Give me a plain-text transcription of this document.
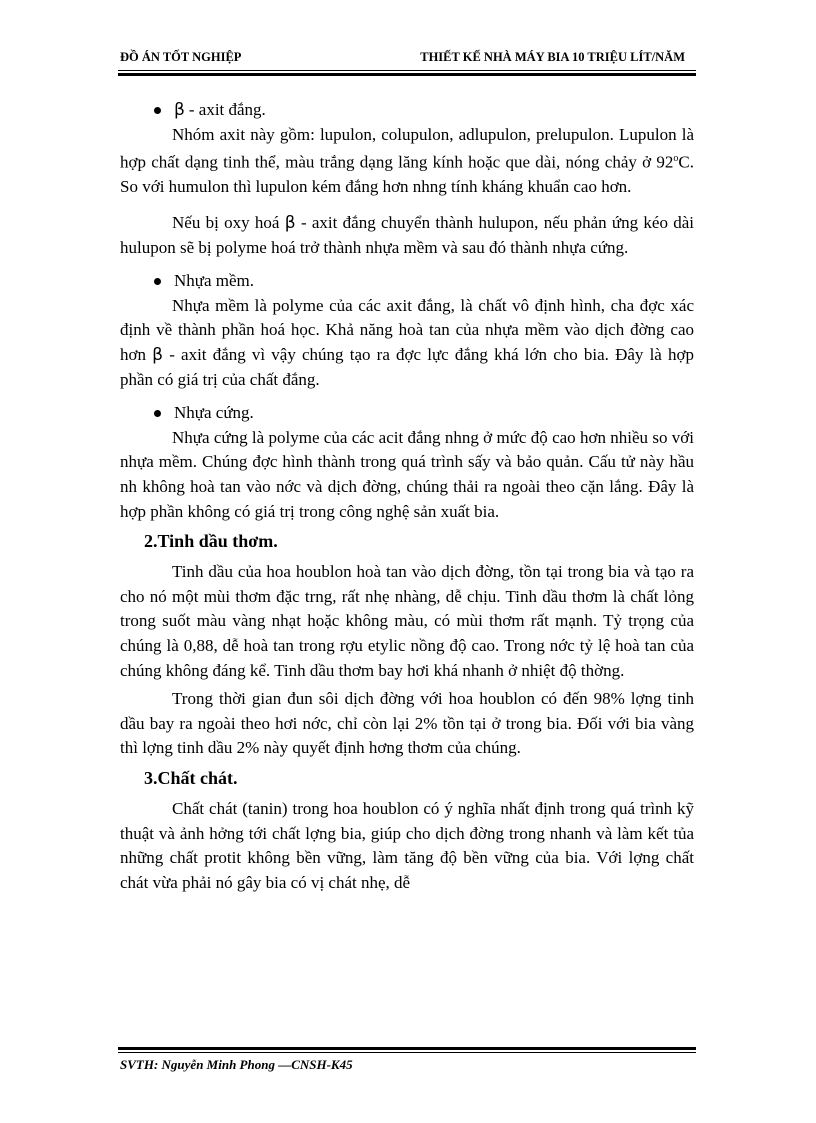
ĐỒ ÁN TỐT NGHIỆP	THIẾT KẾ NHÀ MÁY BIA 10 TRIỆU LÍT/NĂM
β - axit đắng.

Nhóm axit này gồm: lupulon, colupulon, adlupulon, prelupulon. Lupulon là hợp chất dạng tinh thể, màu trắng dạng lăng kính hoặc que dài, nóng chảy ở 92$^o$C. So với humulon thì lupulon kém đắng hơn nhng tính kháng khuẩn cao hơn.

Nếu bị oxy hoá β - axit đắng chuyển thành hulupon, nếu phản ứng kéo dài hulupon sẽ bị polyme hoá trở thành nhựa mềm và sau đó thành nhựa cứng.

Nhựa mềm.

Nhựa mềm là polyme của các axit đắng, là chất vô định hình, cha đợc xác định về thành phần hoá học. Khả năng hoà tan của nhựa mềm vào dịch đờng cao hơn β - axit đắng vì vậy chúng tạo ra đợc lực đắng khá lớn cho bia. Đây là hợp phần có giá trị của chất đắng.

Nhựa cứng.

Nhựa cứng là polyme của các acit đắng nhng ở mức độ cao hơn nhiều so với nhựa mềm. Chúng đợc hình thành trong quá trình sấy và bảo quản. Cấu tử này hầu nh không hoà tan vào nớc và dịch đờng, chúng thải ra ngoài theo cặn lắng. Đây là hợp phần không có giá trị trong công nghệ sản xuất bia.

2.Tinh dầu thơm.

Tinh dầu của hoa houblon hoà tan vào dịch đờng, tồn tại trong bia và tạo ra cho nó một mùi thơm đặc trng, rất nhẹ nhàng, dễ chịu. Tinh dầu thơm là chất lỏng trong suốt màu vàng nhạt hoặc không màu, có mùi thơm rất mạnh. Tỷ trọng của chúng là 0,88, dễ hoà tan trong rợu etylic nồng độ cao. Trong nớc tỷ lệ hoà tan của chúng không đáng kể. Tinh dầu thơm bay hơi khá nhanh ở nhiệt độ thờng.

Trong thời gian đun sôi dịch đờng với hoa houblon có đến 98% lợng tinh dầu bay ra ngoài theo hơi nớc, chỉ còn lại 2% tồn tại ở trong bia. Đối với bia vàng thì lợng tinh dầu 2% này quyết định hơng thơm của chúng.

3.Chất chát.

Chất chát (tanin) trong hoa houblon có ý nghĩa nhất định trong quá trình kỹ thuật và ảnh hởng tới chất lợng bia, giúp cho dịch đờng trong nhanh và làm kết tủa những chất protit không bền vững, làm tăng độ bền vững của bia. Với lợng chất chát vừa phải nó gây bia có vị chát nhẹ, dễ

SVTH: Nguyễn Minh Phong —CNSH-K45
